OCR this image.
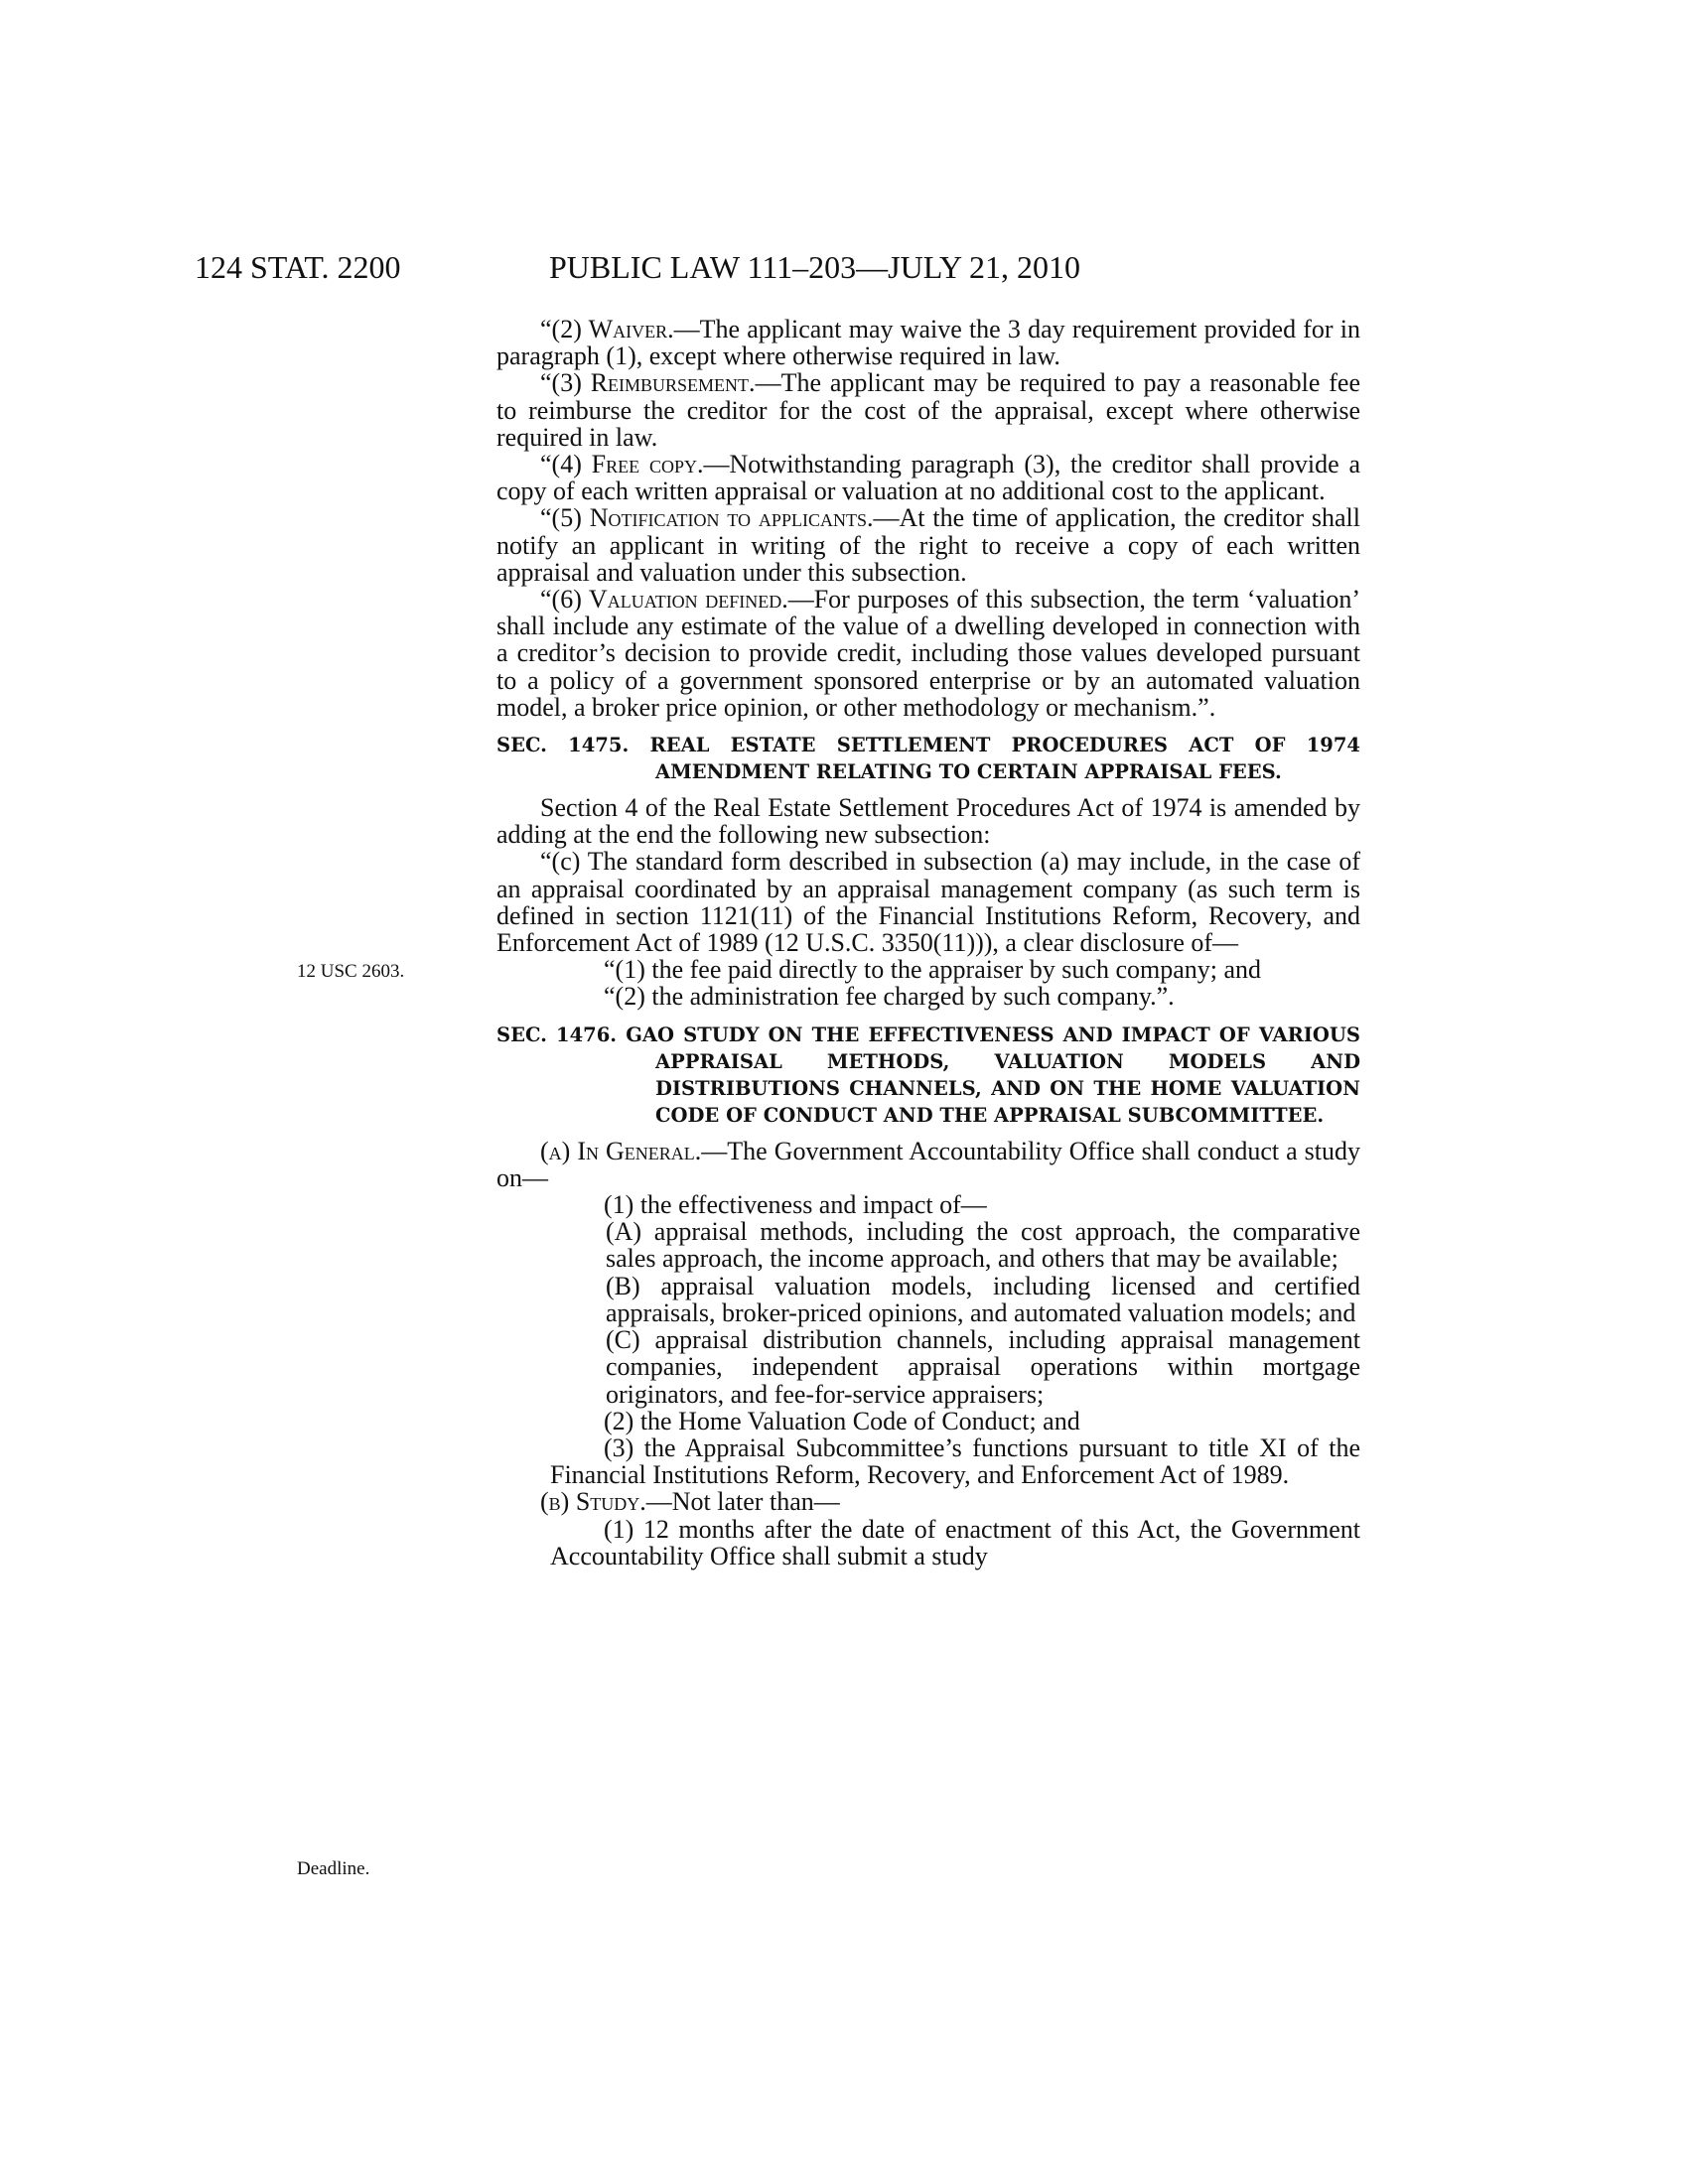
124 STAT. 2200	PUBLIC LAW 111–203—JULY 21, 2010
12 USC 2603.
Deadline.

“(2) Waiver.—The applicant may waive the 3 day requirement provided for in paragraph (1), except where otherwise required in law.

“(3) Reimbursement.—The applicant may be required to pay a reasonable fee to reimburse the creditor for the cost of the appraisal, except where otherwise required in law.

“(4) Free copy.—Notwithstanding paragraph (3), the creditor shall provide a copy of each written appraisal or valuation at no additional cost to the applicant.

“(5) Notification to applicants.—At the time of application, the creditor shall notify an applicant in writing of the right to receive a copy of each written appraisal and valuation under this subsection.

“(6) Valuation defined.—For purposes of this subsection, the term ‘valuation’ shall include any estimate of the value of a dwelling developed in connection with a creditor’s decision to provide credit, including those values developed pursuant to a policy of a government sponsored enterprise or by an automated valuation model, a broker price opinion, or other methodology or mechanism.”.

SEC. 1475. REAL ESTATE SETTLEMENT PROCEDURES ACT OF 1974 AMENDMENT RELATING TO CERTAIN APPRAISAL FEES.

Section 4 of the Real Estate Settlement Procedures Act of 1974 is amended by adding at the end the following new subsection:

“(c) The standard form described in subsection (a) may include, in the case of an appraisal coordinated by an appraisal management company (as such term is defined in section 1121(11) of the Financial Institutions Reform, Recovery, and Enforcement Act of 1989 (12 U.S.C. 3350(11))), a clear disclosure of—

“(1) the fee paid directly to the appraiser by such company; and

“(2) the administration fee charged by such company.”.

SEC. 1476. GAO STUDY ON THE EFFECTIVENESS AND IMPACT OF VARIOUS APPRAISAL METHODS, VALUATION MODELS AND DISTRIBUTIONS CHANNELS, AND ON THE HOME VALUATION CODE OF CONDUCT AND THE APPRAISAL SUBCOMMITTEE.

(a) In General.—The Government Accountability Office shall conduct a study on—

(1) the effectiveness and impact of—

(A) appraisal methods, including the cost approach, the comparative sales approach, the income approach, and others that may be available;

(B) appraisal valuation models, including licensed and certified appraisals, broker-priced opinions, and automated valuation models; and

(C) appraisal distribution channels, including appraisal management companies, independent appraisal operations within mortgage originators, and fee-for-service appraisers;

(2) the Home Valuation Code of Conduct; and

(3) the Appraisal Subcommittee’s functions pursuant to title XI of the Financial Institutions Reform, Recovery, and Enforcement Act of 1989.

(b) Study.—Not later than—

(1) 12 months after the date of enactment of this Act, the Government Accountability Office shall submit a study
